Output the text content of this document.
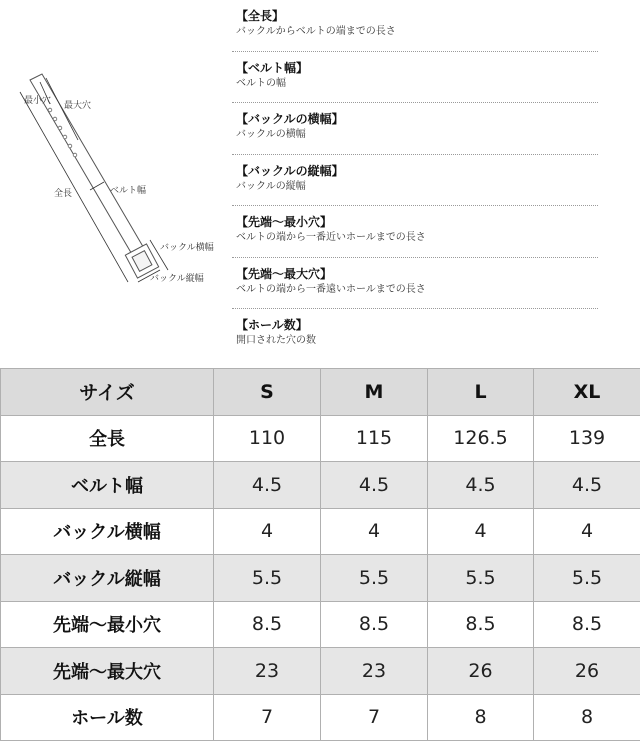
最小穴 最大穴
全長	ベルト幅
バックル横幅
バックル縦幅
【全長】
バックルからベルトの端までの長さ
【ベルト幅】
ベルトの幅
【バックルの横幅】
バックルの横幅
【バックルの縦幅】
バックルの縦幅
【先端～最小穴】
ベルトの端から一番近いホールまでの長さ
【先端～最大穴】
ベルトの端から一番遠いホールまでの長さ
【ホール数】
開口された穴の数
サイズ	S	M	L	XL
全長	110	115	126.5	139
ベルト幅	4.5	4.5	4.5	4.5
バックル横幅	4	4	4	4
バックル縦幅	5.5	5.5	5.5	5.5
先端～最小穴	8.5	8.5	8.5	8.5
先端～最大穴	23	23	26	26
ホール数	7	7	8	8
